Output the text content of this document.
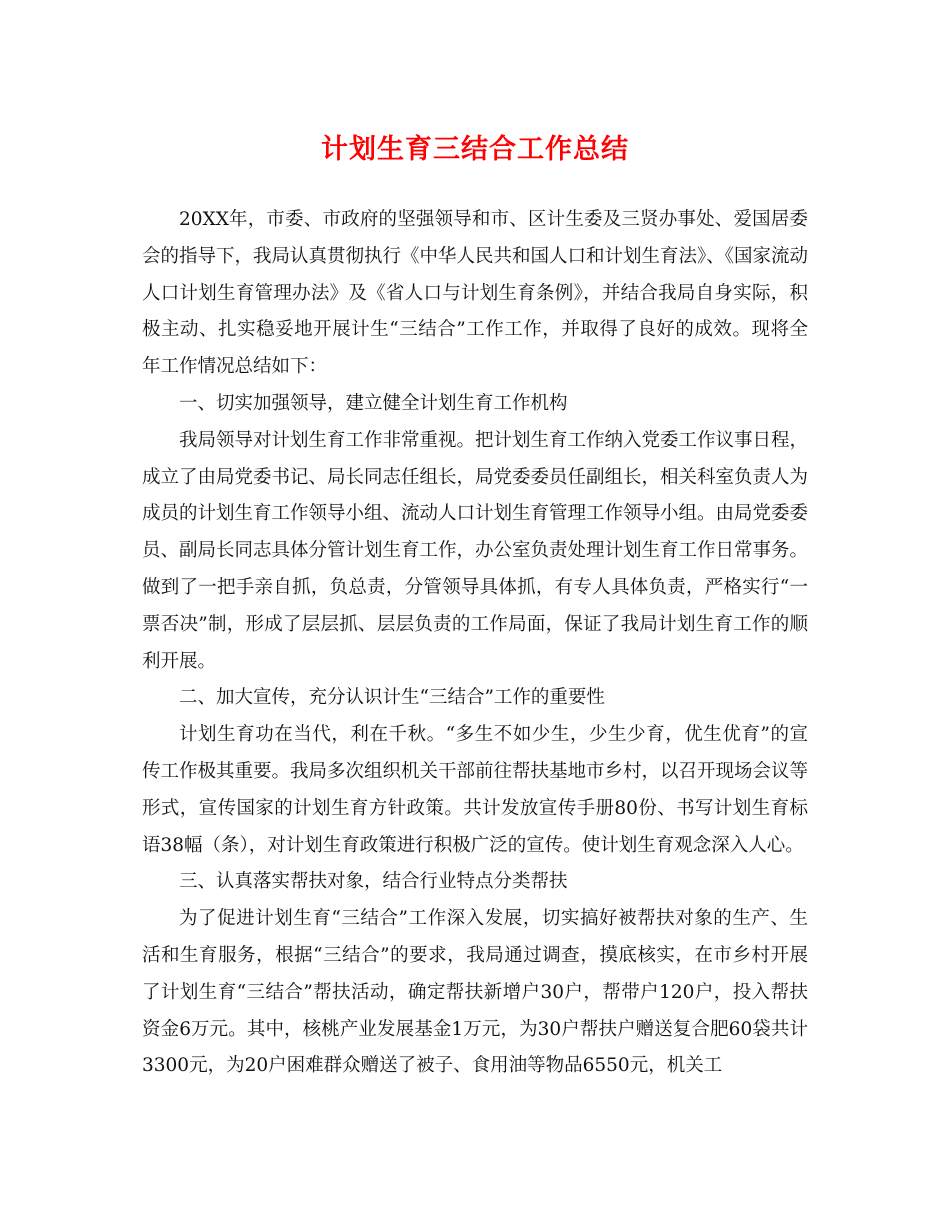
计划生育三结合工作总结

20XX年，市委、市政府的坚强领导和市、区计生委及三贤办事处、爱国居委会的指导下，我局认真贯彻执行《中华人民共和国人口和计划生育法》、《国家流动人口计划生育管理办法》及《省人口与计划生育条例》，并结合我局自身实际，积极主动、扎实稳妥地开展计生“三结合”工作工作，并取得了良好的成效。现将全年工作情况总结如下：

一、切实加强领导，建立健全计划生育工作机构

我局领导对计划生育工作非常重视。把计划生育工作纳入党委工作议事日程，成立了由局党委书记、局长同志任组长，局党委委员任副组长，相关科室负责人为成员的计划生育工作领导小组、流动人口计划生育管理工作领导小组。由局党委委员、副局长同志具体分管计划生育工作，办公室负责处理计划生育工作日常事务。做到了一把手亲自抓，负总责，分管领导具体抓，有专人具体负责，严格实行“一票否决”制，形成了层层抓、层层负责的工作局面，保证了我局计划生育工作的顺利开展。

二、加大宣传，充分认识计生“三结合”工作的重要性

计划生育功在当代，利在千秋。“多生不如少生，少生少育，优生优育”的宣传工作极其重要。我局多次组织机关干部前往帮扶基地市乡村，以召开现场会议等形式，宣传国家的计划生育方针政策。共计发放宣传手册80份、书写计划生育标语38幅（条），对计划生育政策进行积极广泛的宣传。使计划生育观念深入人心。

三、认真落实帮扶对象，结合行业特点分类帮扶

为了促进计划生育“三结合”工作深入发展，切实搞好被帮扶对象的生产、生活和生育服务，根据“三结合”的要求，我局通过调查，摸底核实，在市乡村开展了计划生育“三结合”帮扶活动，确定帮扶新增户30户，帮带户120户，投入帮扶资金6万元。其中，核桃产业发展基金1万元，为30户帮扶户赠送复合肥60袋共计3300元，为20户困难群众赠送了被子、食用油等物品6550元，机关工
